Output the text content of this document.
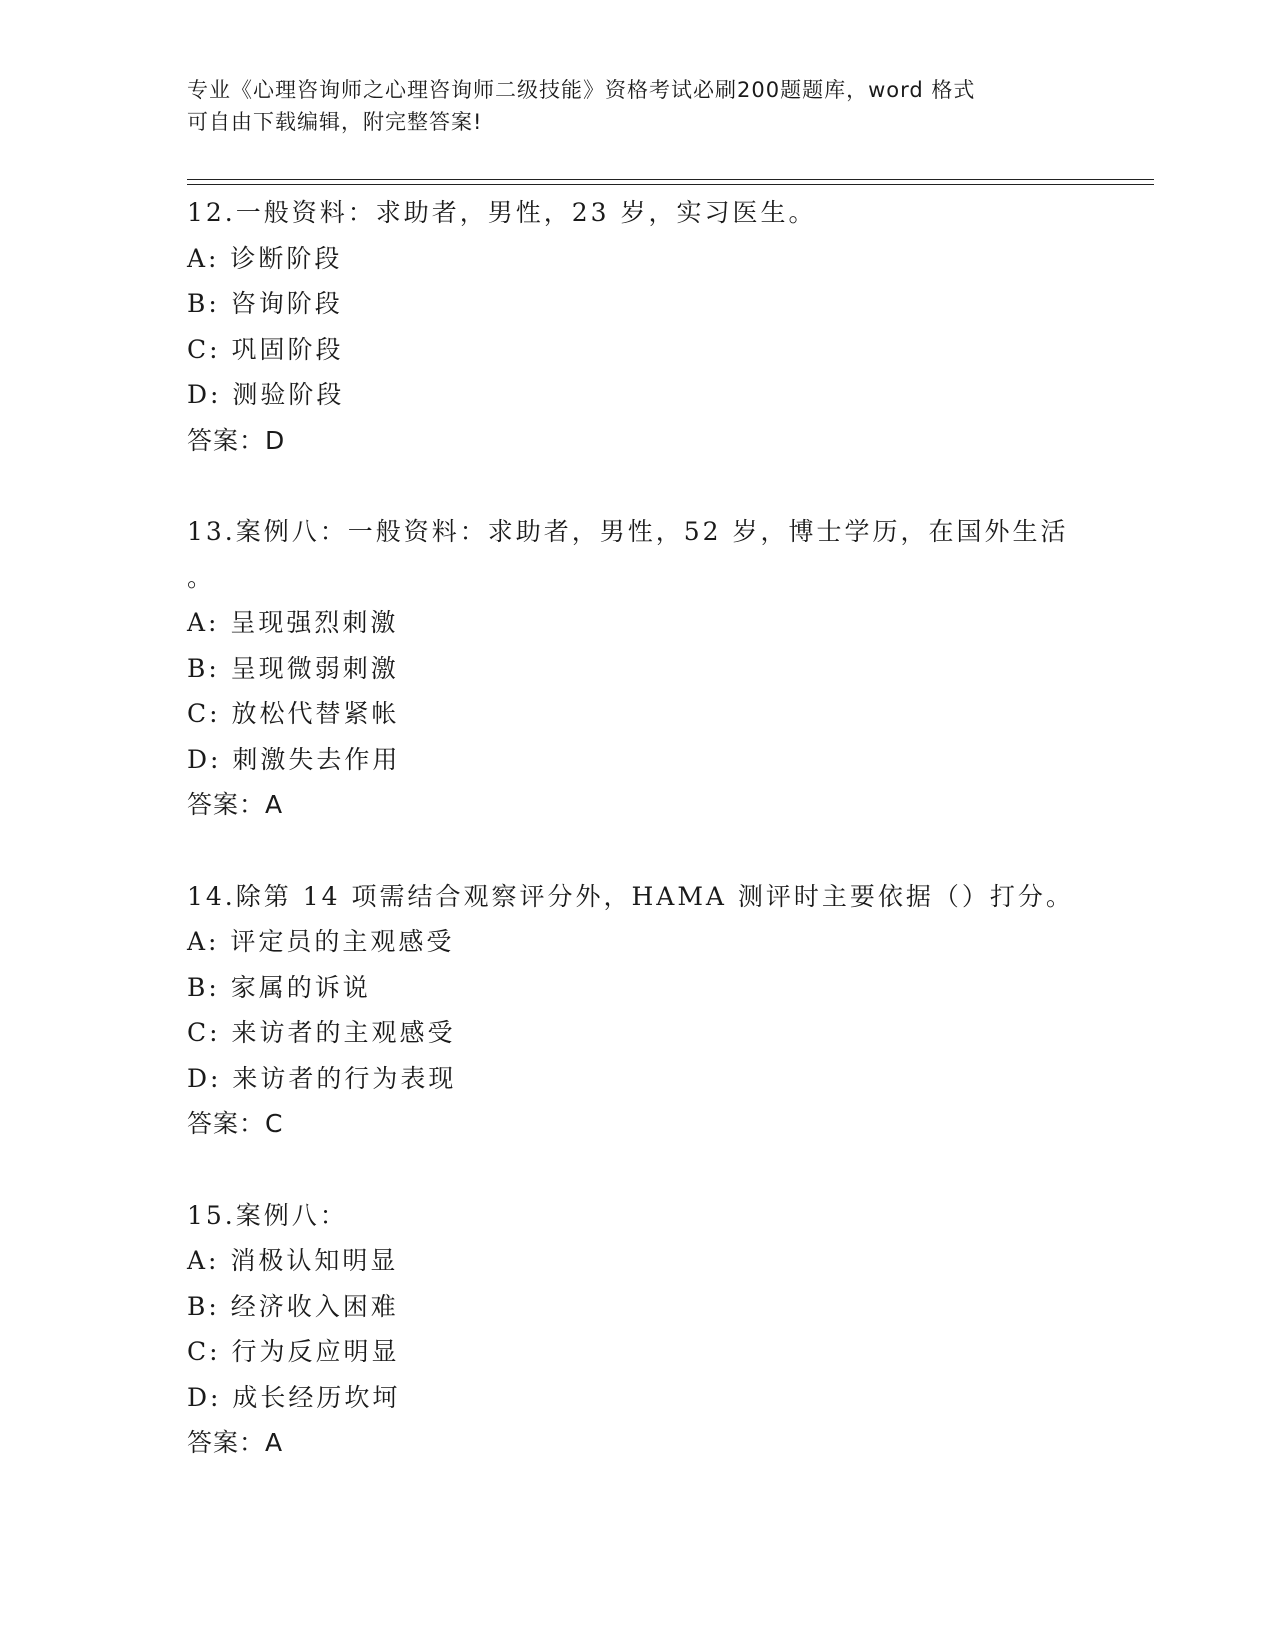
专业《心理咨询师之心理咨询师二级技能》资格考试必刷200题题库，word 格式
可自由下载编辑，附完整答案!
12.一般资料：求助者，男性，23 岁，实习医生。
A: 诊断阶段
B: 咨询阶段
C: 巩固阶段
D: 测验阶段
答案：D
13.案例八：一般资料：求助者，男性，52 岁，博士学历，在国外生活
。
A: 呈现强烈刺激
B: 呈现微弱刺激
C: 放松代替紧帐
D: 刺激失去作用
答案：A
14.除第 14 项需结合观察评分外，HAMA 测评时主要依据（）打分。
A: 评定员的主观感受
B: 家属的诉说
C: 来访者的主观感受
D: 来访者的行为表现
答案：C
15.案例八：
A: 消极认知明显
B: 经济收入困难
C: 行为反应明显
D: 成长经历坎坷
答案：A
